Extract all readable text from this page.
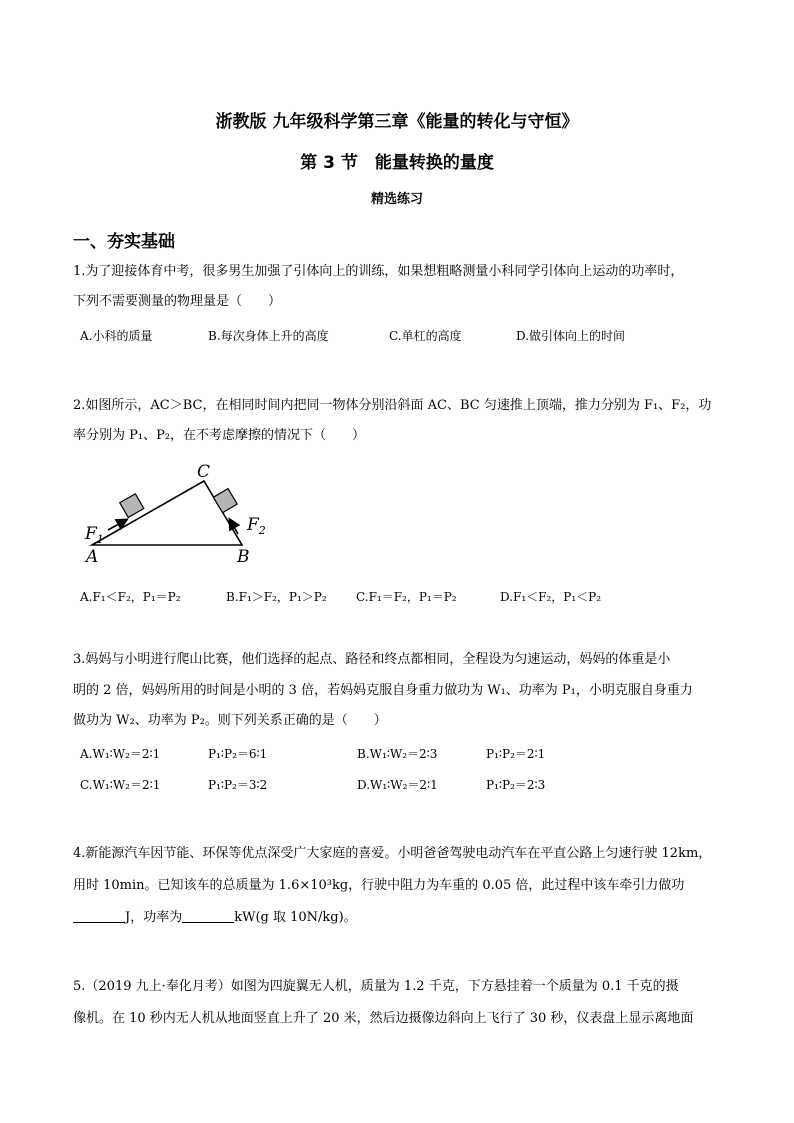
浙教版 九年级科学第三章《能量的转化与守恒》
第 3 节　能量转换的量度
精选练习
一、夯实基础
1.为了迎接体育中考，很多男生加强了引体向上的训练，如果想粗略测量小科同学引体向上运动的功率时，
下列不需要测量的物理量是（　　）
A.小科的质量	B.每次身体上升的高度	C.单杠的高度	D.做引体向上的时间
2.如图所示，AC＞BC，在相同时间内把同一物体分别沿斜面 AC、BC 匀速推上顶端，推力分别为 F₁、F₂，功
率分别为 P₁、P₂，在不考虑摩擦的情况下（　　）
C
A	B
$F_1$
$F_2$
A.F₁＜F₂，P₁＝P₂	B.F₁＞F₂，P₁＞P₂ C.F₁＝F₂，P₁＝P₂	D.F₁＜F₂，P₁＜P₂
3.妈妈与小明进行爬山比赛，他们选择的起点、路径和终点都相同，全程设为匀速运动，妈妈的体重是小
明的 2 倍，妈妈所用的时间是小明的 3 倍，若妈妈克服自身重力做功为 W₁、功率为 P₁，小明克服自身重力
做功为 W₂、功率为 P₂。则下列关系正确的是（　　）
A.W₁∶W₂＝2∶1	P₁∶P₂＝6∶1	B.W₁∶W₂＝2∶3	P₁∶P₂＝2∶1
C.W₁∶W₂＝2∶1	P₁∶P₂＝3∶2	D.W₁∶W₂＝2∶1	P₁∶P₂＝2∶3
4.新能源汽车因节能、环保等优点深受广大家庭的喜爱。小明爸爸驾驶电动汽车在平直公路上匀速行驶 12km，
用时 10min。已知该车的总质量为 1.6×10³kg，行驶中阻力为车重的 0.05 倍，此过程中该车牵引力做功
J，功率为	kW(g 取 10N/kg)。
5.（2019 九上·奉化月考）如图为四旋翼无人机，质量为 1.2 千克，下方悬挂着一个质量为 0.1 千克的摄
像机。在 10 秒内无人机从地面竖直上升了 20 米，然后边摄像边斜向上飞行了 30 秒，仪表盘上显示离地面
